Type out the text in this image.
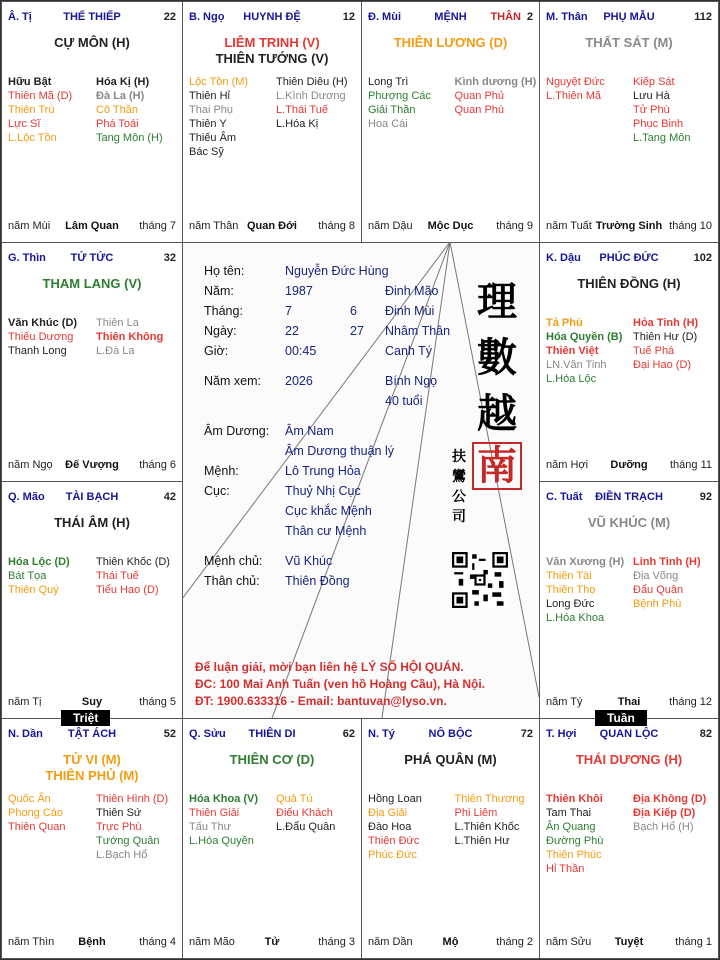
Â. Tị	THẾ THIẾP	22
CỰ MÔN (H)
Hữu Bật
Thiên Mã (D)
Thiên Trù
Lực Sĩ
L.Lộc Tồn
Hóa Kị (H)
Đà La (H)
Cô Thần
Phá Toái
Tang Môn (H)
năm Mùi Lâm Quan tháng 7
B. Ngọ HUYNH ĐỆ	12
LIÊM TRINH (V)
THIÊN TƯỚNG (V)
Lộc Tồn (M)
Thiên Hỉ
Thai Phụ
Thiên Y
Thiếu Âm
Bác Sỹ
Thiên Diêu (H)
L.Kình Dương
L.Thái Tuế
L.Hóa Kị
năm Thân Quan Đới tháng 8
Đ. Mùi	MỆNH THÂN 2
THIÊN LƯƠNG (D)
Long Trì
Phượng Các
Giải Thần
Hoa Cái
Kình dương (H)
Quan Phủ
Quan Phù
năm Dậu Mộc Dục tháng 9
M. Thân PHỤ MẪU	112
THẤT SÁT (M)
Nguyệt Đức
L.Thiên Mã
Kiếp Sát
Lưu Hà
Tử Phù
Phục Binh
L.Tang Môn
năm Tuất Trường Sinh tháng 10
G. Thìn TỬ TỨC	32
THAM LANG (V)
Văn Khúc (D)
Thiếu Dương
Thanh Long
Thiên La
Thiên Không
L.Đà La
năm Ngọ Đế Vượng tháng 6
K. Dậu PHÚC ĐỨC	102
THIÊN ĐỒNG (H)
Tả Phù
Hóa Quyền (B)
Thiên Việt
LN.Văn Tinh
L.Hóa Lộc
Hỏa Tinh (H)
Thiên Hư (D)
Tuế Phá
Đại Hao (D)
năm Hợi Dưỡng tháng 11
Q. Mão TÀI BẠCH	42
THÁI ÂM (H)
Hóa Lộc (D)
Bát Tọa
Thiên Quý
Thiên Khốc (D)
Thái Tuế
Tiểu Hao (D)
năm Tị	Suy	tháng 5
C. Tuất ĐIỀN TRẠCH	92
VŨ KHÚC (M)
Văn Xương (H)
Thiên Tài
Thiên Thọ
Long Đức
L.Hóa Khoa
Linh Tinh (H)
Địa Võng
Đẩu Quân
Bệnh Phù
năm Tý	Thai	tháng 12
N. Dần TẬT ÁCH	52
TỬ VI (M)
THIÊN PHỦ (M)
Quốc Ấn
Phong Cáo
Thiên Quan
Thiên Hình (D)
Thiên Sứ
Trực Phù
Tướng Quân
L.Bạch Hổ
năm Thìn Bệnh	tháng 4
Q. Sửu THIÊN DI	62
THIÊN CƠ (D)
Hóa Khoa (V)
Thiên Giải
Tấu Thư
L.Hóa Quyền
Quả Tú
Điếu Khách
L.Đẩu Quân
năm Mão	Tử	tháng 3
N. Tý	NÔ BỘC	72
PHÁ QUÂN (M)
Hồng Loan
Địa Giải
Đào Hoa
Thiên Đức
Phúc Đức
Thiên Thương
Phi Liêm
L.Thiên Khốc
L.Thiên Hư
năm Dần	Mộ	tháng 2
T. Hợi QUAN LỘC	82
THÁI DƯƠNG (H)
Thiên Khôi
Tam Thai
Ân Quang
Đường Phù
Thiên Phúc
Hỉ Thần
Địa Không (D)
Địa Kiếp (D)
Bạch Hổ (H)
năm Sửu Tuyệt	tháng 1
Họ tên:	Nguyễn Đức Hùng
Năm:	1987	Đinh Mão
Tháng:	7	6 Đinh Mùi
Ngày:	22	27 Nhâm Thân
Giờ:	00:45	Canh Tý
Năm xem: 2026	Bính Ngọ
40 tuổi
Âm Dương: Âm Nam
Âm Dương thuận lý
Mệnh:	Lô Trung Hỏa
Cục:	Thuỷ Nhị Cục
Cục khắc Mệnh
Thân cư Mệnh
Mệnh chủ: Vũ Khúc
Thân chủ: Thiên Đồng
理
數
越
南
扶
鸞
公
司
Để luận giải, mời bạn liên hệ LÝ SỐ HỘI QUÁN.
ĐC: 100 Mai Anh Tuấn (ven hồ Hoàng Cầu), Hà Nội.
ĐT: 1900.633316 - Email: bantuvan@lyso.vn.
Triệt	Tuần
